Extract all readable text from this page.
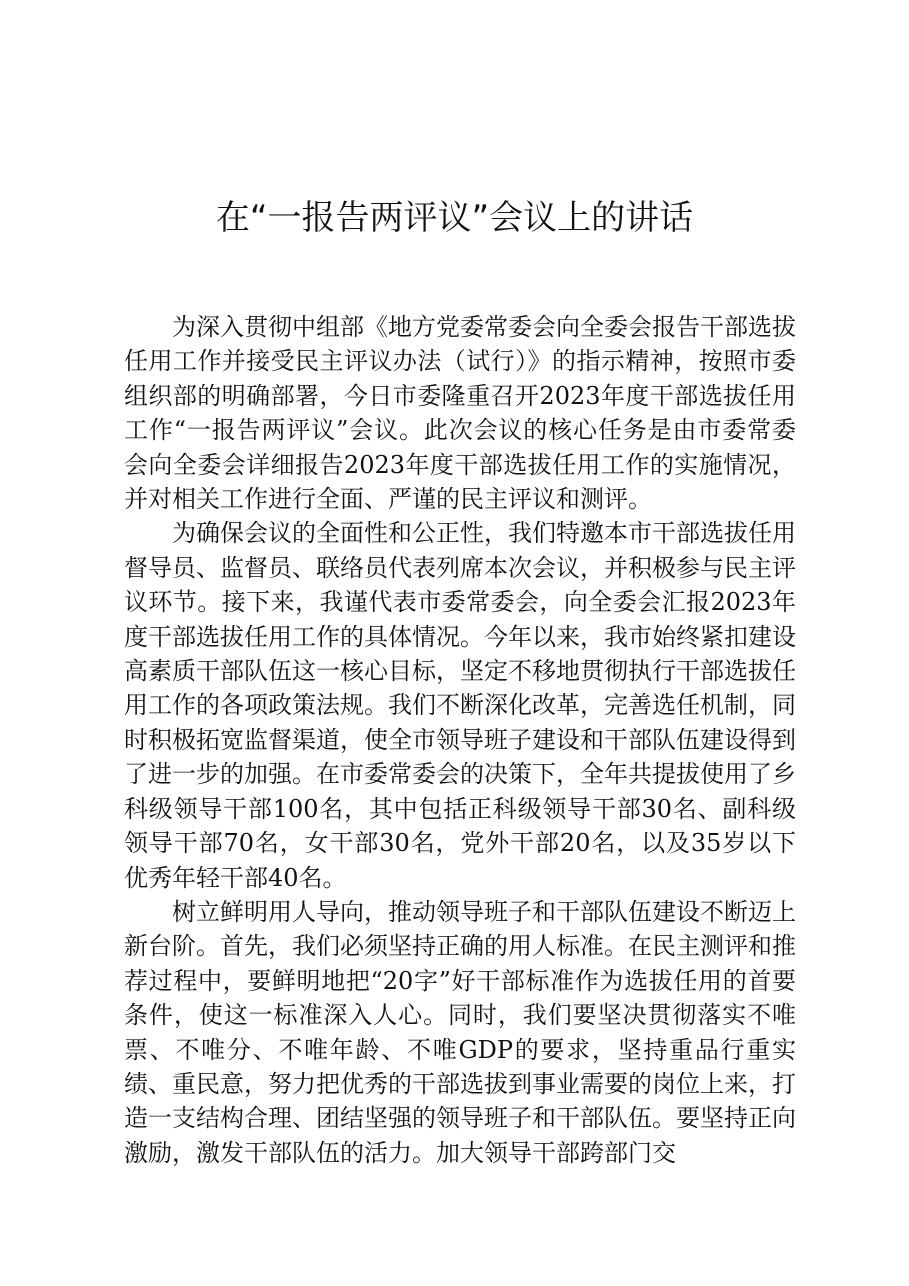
在“一报告两评议”会议上的讲话

为深入贯彻中组部《地方党委常委会向全委会报告干部选拔任用工作并接受民主评议办法（试行）》的指示精神，按照市委组织部的明确部署，今日市委隆重召开2023年度干部选拔任用工作“一报告两评议”会议。此次会议的核心任务是由市委常委会向全委会详细报告2023年度干部选拔任用工作的实施情况，并对相关工作进行全面、严谨的民主评议和测评。

为确保会议的全面性和公正性，我们特邀本市干部选拔任用督导员、监督员、联络员代表列席本次会议，并积极参与民主评议环节。接下来，我谨代表市委常委会，向全委会汇报2023年度干部选拔任用工作的具体情况。今年以来，我市始终紧扣建设高素质干部队伍这一核心目标，坚定不移地贯彻执行干部选拔任用工作的各项政策法规。我们不断深化改革，完善选任机制，同时积极拓宽监督渠道，使全市领导班子建设和干部队伍建设得到了进一步的加强。在市委常委会的决策下，全年共提拔使用了乡科级领导干部100名，其中包括正科级领导干部30名、副科级领导干部70名，女干部30名，党外干部20名，以及35岁以下优秀年轻干部40名。

树立鲜明用人导向，推动领导班子和干部队伍建设不断迈上新台阶。首先，我们必须坚持正确的用人标准。在民主测评和推荐过程中，要鲜明地把“20字”好干部标准作为选拔任用的首要条件，使这一标准深入人心。同时，我们要坚决贯彻落实不唯票、不唯分、不唯年龄、不唯GDP的要求，坚持重品行重实绩、重民意，努力把优秀的干部选拔到事业需要的岗位上来，打造一支结构合理、团结坚强的领导班子和干部队伍。要坚持正向激励，激发干部队伍的活力。加大领导干部跨部门交
